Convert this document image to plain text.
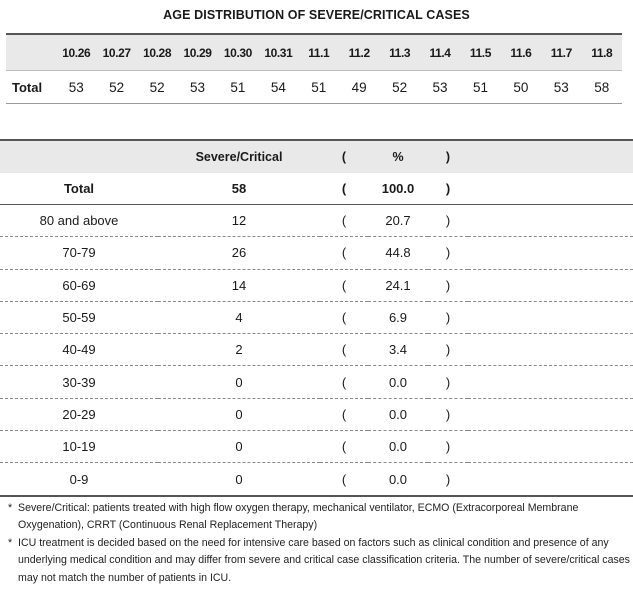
AGE DISTRIBUTION OF SEVERE/CRITICAL CASES
	10.26	10.27	10.28	10.29	10.30	10.31	11.1	11.2	11.3	11.4	11.5	11.6	11.7	11.8
Total	53	52	52	53	51	54	51	49	52	53	51	50	53	58
	Severe/Critical	(	%	)	
Total	58	(	100.0	)	
80 and above	12	(	20.7	)	
70-79	26	(	44.8	)	
60-69	14	(	24.1	)	
50-59	4	(	6.9	)	
40-49	2	(	3.4	)	
30-39	0	(	0.0	)	
20-29	0	(	0.0	)	
10-19	0	(	0.0	)	
0-9	0	(	0.0	)	
* Severe/Critical: patients treated with high flow oxygen therapy, mechanical ventilator, ECMO (Extracorporeal Membrane Oxygenation), CRRT (Continuous Renal Replacement Therapy)
* ICU treatment is decided based on the need for intensive care based on factors such as clinical condition and presence of any underlying medical condition and may differ from severe and critical case classification criteria. The number of severe/critical cases may not match the number of patients in ICU.
